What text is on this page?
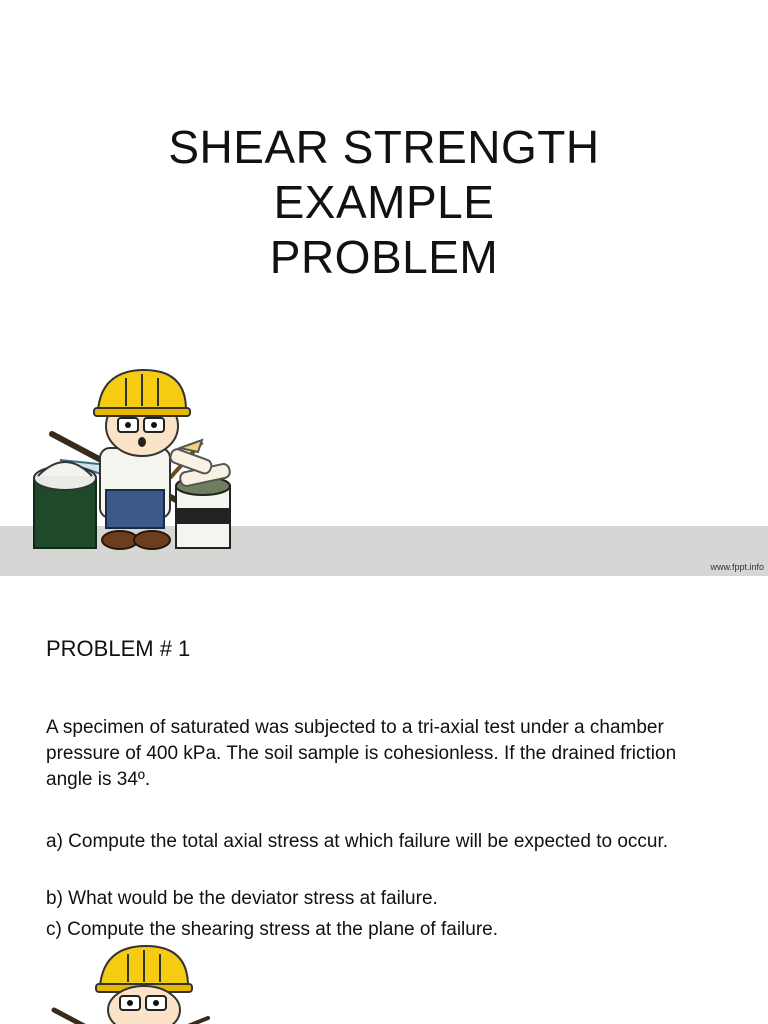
SHEAR STRENGTH
EXAMPLE
PROBLEM
www.fppt.info
PROBLEM # 1
A specimen of saturated was subjected to a tri-axial test under a chamber pressure of 400 kPa. The soil sample is cohesionless. If the drained friction angle is 34º.
a) Compute the total axial stress at which failure will be expected to occur.
b) What would be the deviator stress at failure.
c) Compute the shearing stress at the plane of failure.
